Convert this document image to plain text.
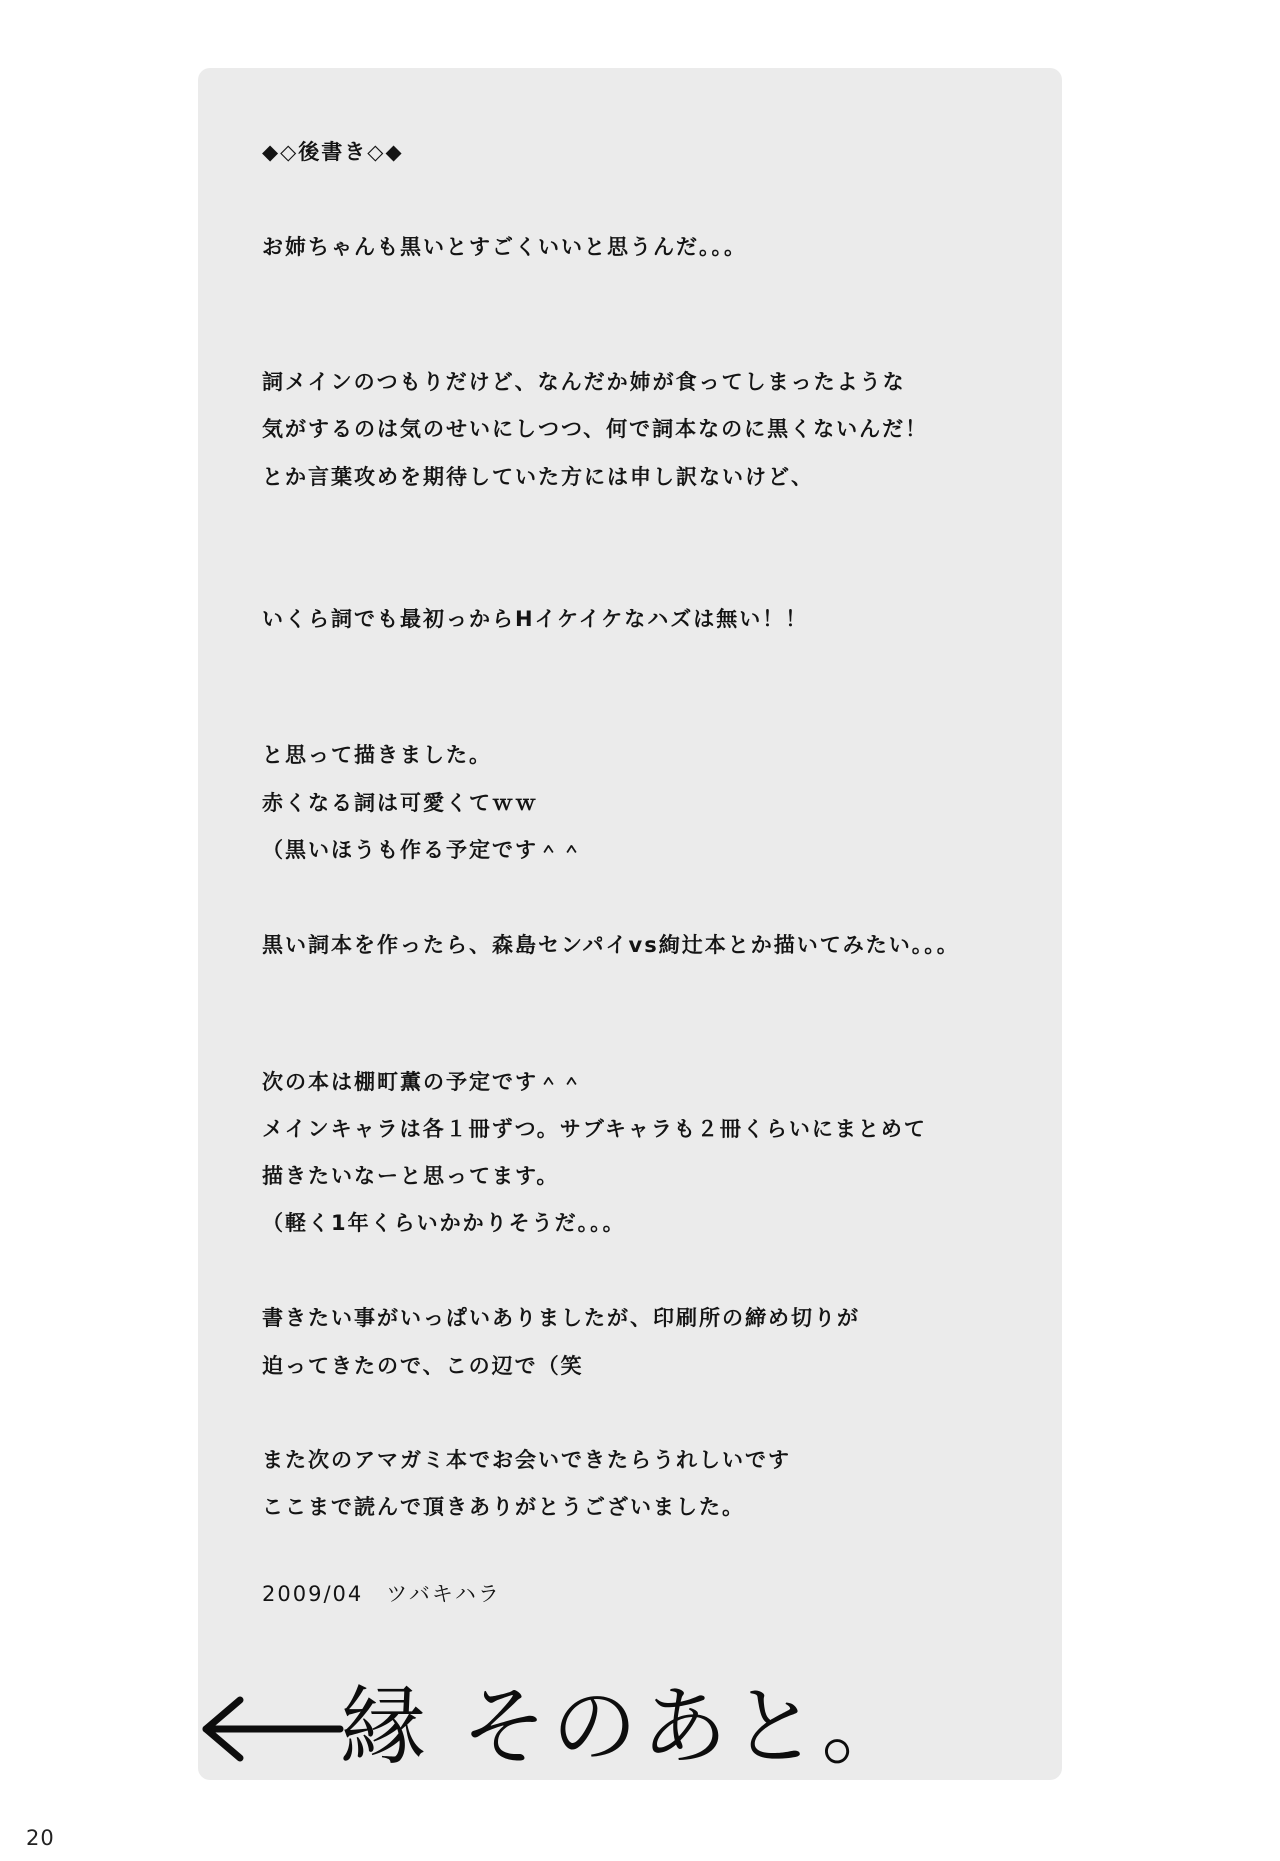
◆◇後書き◇◆
お姉ちゃんも黒いとすごくいいと思うんだ。。。
詞メインのつもりだけど、なんだか姉が食ってしまったような
気がするのは気のせいにしつつ、何で詞本なのに黒くないんだ！
とか言葉攻めを期待していた方には申し訳ないけど、
いくら詞でも最初っからHイケイケなハズは無い！！
と思って描きました。
赤くなる詞は可愛くてｗｗ
（黒いほうも作る予定です＾＾
黒い詞本を作ったら、森島センパイvs絢辻本とか描いてみたい。。。
次の本は棚町薫の予定です＾＾
メインキャラは各１冊ずつ。サブキャラも２冊くらいにまとめて
描きたいなーと思ってます。
（軽く1年くらいかかりそうだ。。。
書きたい事がいっぱいありましたが、印刷所の締め切りが
迫ってきたので、この辺で（笑
また次のアマガミ本でお会いできたらうれしいです
ここまで読んで頂きありがとうございました。
2009/04　ツバキハラ
縁 そのあと。
20
